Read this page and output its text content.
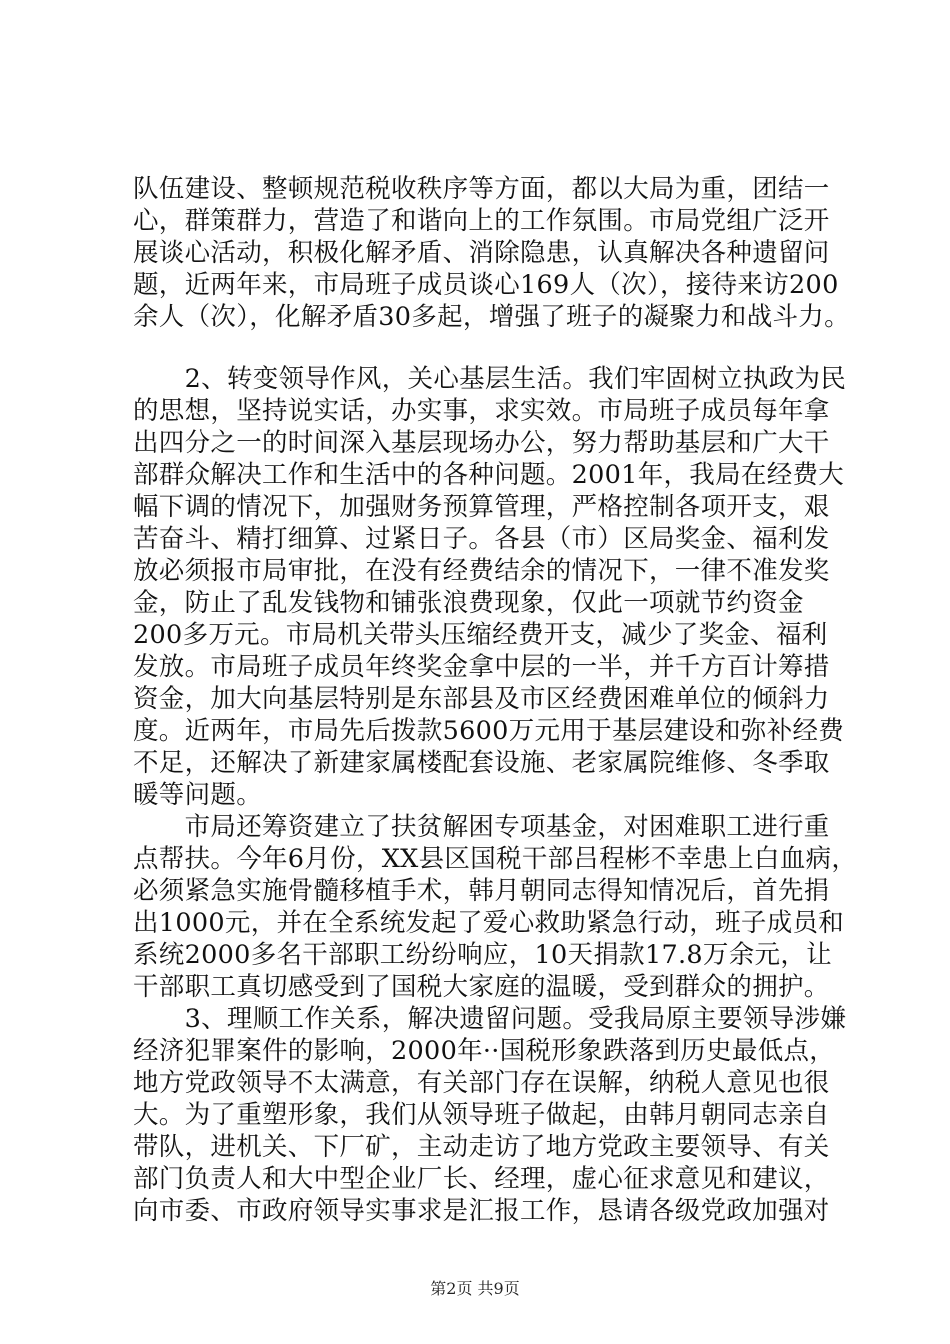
队伍建设、整顿规范税收秩序等方面，都以大局为重，团结一
心，群策群力，营造了和谐向上的工作氛围。市局党组广泛开
展谈心活动，积极化解矛盾、消除隐患，认真解决各种遗留问
题，近两年来，市局班子成员谈心169人（次），接待来访200
余人（次），化解矛盾30多起，增强了班子的凝聚力和战斗力。
　　2、转变领导作风，关心基层生活。我们牢固树立执政为民
的思想，坚持说实话，办实事，求实效。市局班子成员每年拿
出四分之一的时间深入基层现场办公，努力帮助基层和广大干
部群众解决工作和生活中的各种问题。2001年，我局在经费大
幅下调的情况下，加强财务预算管理，严格控制各项开支，艰
苦奋斗、精打细算、过紧日子。各县（市）区局奖金、福利发
放必须报市局审批，在没有经费结余的情况下，一律不准发奖
金，防止了乱发钱物和铺张浪费现象，仅此一项就节约资金
200多万元。市局机关带头压缩经费开支，减少了奖金、福利
发放。市局班子成员年终奖金拿中层的一半，并千方百计筹措
资金，加大向基层特别是东部县及市区经费困难单位的倾斜力
度。近两年，市局先后拨款5600万元用于基层建设和弥补经费
不足，还解决了新建家属楼配套设施、老家属院维修、冬季取
暖等问题。
　　市局还筹资建立了扶贫解困专项基金，对困难职工进行重
点帮扶。今年6月份，XX县区国税干部吕程彬不幸患上白血病，
必须紧急实施骨髓移植手术，韩月朝同志得知情况后，首先捐
出1000元，并在全系统发起了爱心救助紧急行动，班子成员和
系统2000多名干部职工纷纷响应，10天捐款17.8万余元，让
干部职工真切感受到了国税大家庭的温暖，受到群众的拥护。
　　3、理顺工作关系，解决遗留问题。受我局原主要领导涉嫌
经济犯罪案件的影响，2000年··国税形象跌落到历史最低点，
地方党政领导不太满意，有关部门存在误解，纳税人意见也很
大。为了重塑形象，我们从领导班子做起，由韩月朝同志亲自
带队，进机关、下厂矿，主动走访了地方党政主要领导、有关
部门负责人和大中型企业厂长、经理，虚心征求意见和建议，
向市委、市政府领导实事求是汇报工作，恳请各级党政加强对
第2页 共9页
